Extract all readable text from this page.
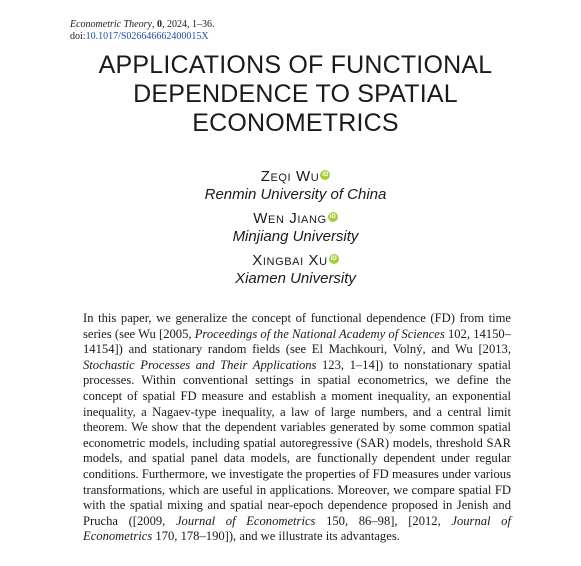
Econometric Theory, 0, 2024, 1–36.
doi:10.1017/S026646662400015X
APPLICATIONS OF FUNCTIONAL
DEPENDENCE TO SPATIAL
ECONOMETRICS
Zeqi Wu iD
Renmin University of China
Wen Jiang iD
Minjiang University
Xingbai Xu iD
Xiamen University

In this paper, we generalize the concept of functional dependence (FD) from time series (see Wu [2005, Proceedings of the National Academy of Sciences 102, 14150–14154]) and stationary random fields (see El Machkouri, Volný, and Wu [2013, Stochastic Processes and Their Applications 123, 1–14]) to nonstationary spatial processes. Within conventional settings in spatial econometrics, we define the concept of spatial FD measure and establish a moment inequality, an exponential inequality, a Nagaev-type inequality, a law of large numbers, and a central limit theorem. We show that the dependent variables generated by some common spatial econometric models, including spatial autoregressive (SAR) models, threshold SAR models, and spatial panel data models, are functionally dependent under regular conditions. Furthermore, we investigate the properties of FD measures under various transformations, which are useful in applications. Moreover, we compare spatial FD with the spatial mixing and spatial near-epoch dependence proposed in Jenish and Prucha ([2009, Journal of Econometrics 150, 86–98], [2012, Journal of Econometrics 170, 178–190]), and we illustrate its advantages.
